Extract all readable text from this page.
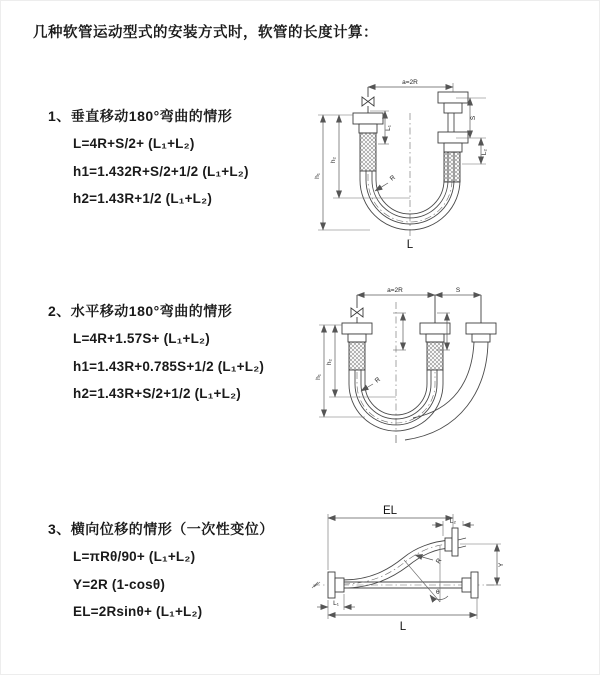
几种软管运动型式的安装方式时，软管的长度计算：
1、垂直移动180°弯曲的情形
L=4R+S/2+ (L₁+L₂)
h1=1.432R+S/2+1/2 (L₁+L₂)
h2=1.43R+1/2 (L₁+L₂)
2、水平移动180°弯曲的情形
L=4R+1.57S+ (L₁+L₂)
h1=1.43R+0.785S+1/2 (L₁+L₂)
h2=1.43R+S/2+1/2 (L₁+L₂)
3、横向位移的情形（一次性变位）
L=πRθ/90+ (L₁+L₂)
Y=2R (1-cosθ)
EL=2Rsinθ+ (L₁+L₂)
a=2R
L₁
S
L₂
h₁
h₂
R
L
a=2R	S
h₁
h₂
R
θ
R
EL
L₂
Y
L₁
L
